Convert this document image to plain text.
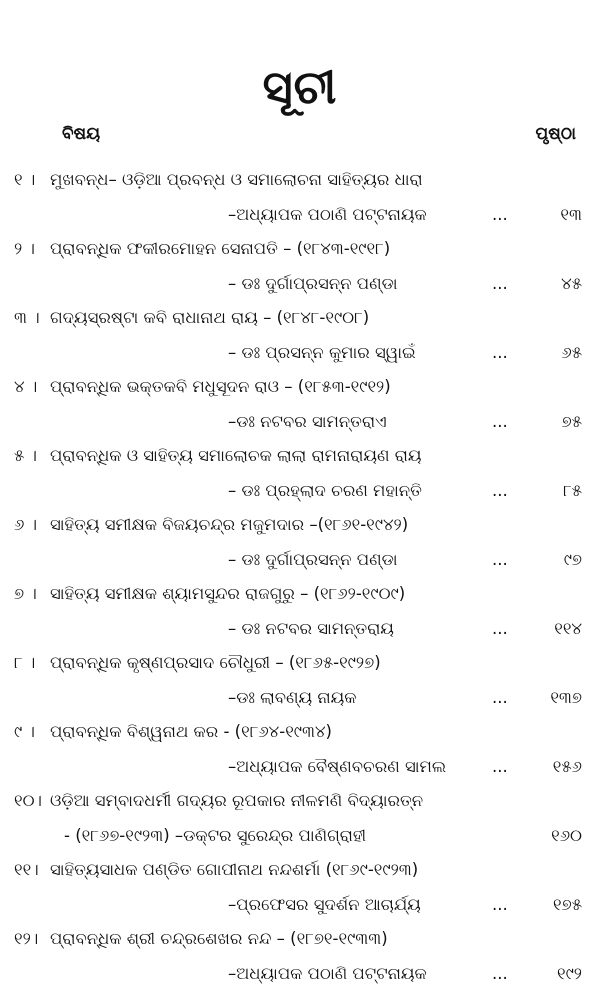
ସୂଚୀ
ବିଷୟ	ପୃଷ୍ଠା
୧ । ମୁଖବନ୍ଧ– ଓଡ଼ିଆ ପ୍ରବନ୍ଧ ଓ ସମାଲୋଚନା ସାହିତ୍ୟର ଧାରା
–ଅଧ୍ୟାପକ ପଠାଣି ପଟ୍ଟନାୟକ	...	୧୩
୨ । ପ୍ରାବନ୍ଧିକ ଫକୀରମୋହନ ସେନାପତି – (୧୮୪୩-୧୯୧୮)
– ଡଃ ଦୁର୍ଗାପ୍ରସନ୍ନ ପଣ୍ଡା	...	୪୫
୩ । ଗଦ୍ୟସ୍ରଷ୍ଟା କବି ରାଧାନାଥ ରାୟ – (୧୮୪୮-୧୯୦୮)
– ଡଃ ପ୍ରସନ୍ନ କୁମାର ସ୍ୱାଇଁ	...	୬୫
୪ । ପ୍ରାବନ୍ଧିକ ଭକ୍ତକବି ମଧୁସୂଦନ ରାଓ – (୧୮୫୩-୧୯୧୨)
–ଡଃ ନଟବର ସାମନ୍ତରାଏ	...	୭୫
୫ । ପ୍ରାବନ୍ଧିକ ଓ ସାହିତ୍ୟ ସମାଲୋଚକ ଲାଲା ରାମନାରାୟଣ ରାୟ
– ଡଃ ପ୍ରହ୍ଲାଦ ଚରଣ ମହାନ୍ତି	...	୮୫
୬ । ସାହିତ୍ୟ ସମୀକ୍ଷକ ବିଜୟଚନ୍ଦ୍ର ମଜୁମଦାର –(୧୮୬୧-୧୯୪୨)
– ଡଃ ଦୁର୍ଗାପ୍ରସନ୍ନ ପଣ୍ଡା	...	୯୭
୭ । ସାହିତ୍ୟ ସମୀକ୍ଷକ ଶ୍ୟାମସୁନ୍ଦର ରାଜଗୁରୁ – (୧୮୬୨-୧୯୦୯)
– ଡଃ ନଟବର ସାମନ୍ତରାୟ	...	୧୧୪
୮ । ପ୍ରାବନ୍ଧିକ କୃଷ୍ଣପ୍ରସାଦ ଚୌଧୁରୀ – (୧୮୬୫-୧୯୨୭)
–ଡଃ ଲାବଣ୍ୟ ନାୟକ	...	୧୩୭
୯ । ପ୍ରାବନ୍ଧିକ ବିଶ୍ୱନାଥ କର - (୧୮୬୪-୧୯୩୪)
–ଅଧ୍ୟାପକ ବୈଷ୍ଣବଚରଣ ସାମଲ	...	୧୫୬
୧୦। ଓଡ଼ିଆ ସମ୍ବାଦଧର୍ମୀ ଗଦ୍ୟର ରୂପକାର ନୀଳମଣି ବିଦ୍ୟାରତ୍ନ
- (୧୮୬୭-୧୯୨୩) –ଡକ୍ଟର ସୁରେନ୍ଦ୍ର ପାଣିଗ୍ରାହୀ	୧୬୦
୧୧। ସାହିତ୍ୟସାଧକ ପଣ୍ଡିତ ଗୋପୀନାଥ ନନ୍ଦଶର୍ମା (୧୮୬୯-୧୯୨୩)
–ପ୍ରଫେସର ସୁଦର୍ଶନ ଆଚାର୍ଯ୍ୟ	...	୧୭୫
୧୨। ପ୍ରାବନ୍ଧିକ ଶ୍ରୀ ଚନ୍ଦ୍ରଶେଖର ନନ୍ଦ – (୧୮୭୧-୧୯୩୩)
–ଅଧ୍ୟାପକ ପଠାଣି ପଟ୍ଟନାୟକ	...	୧୯୨
